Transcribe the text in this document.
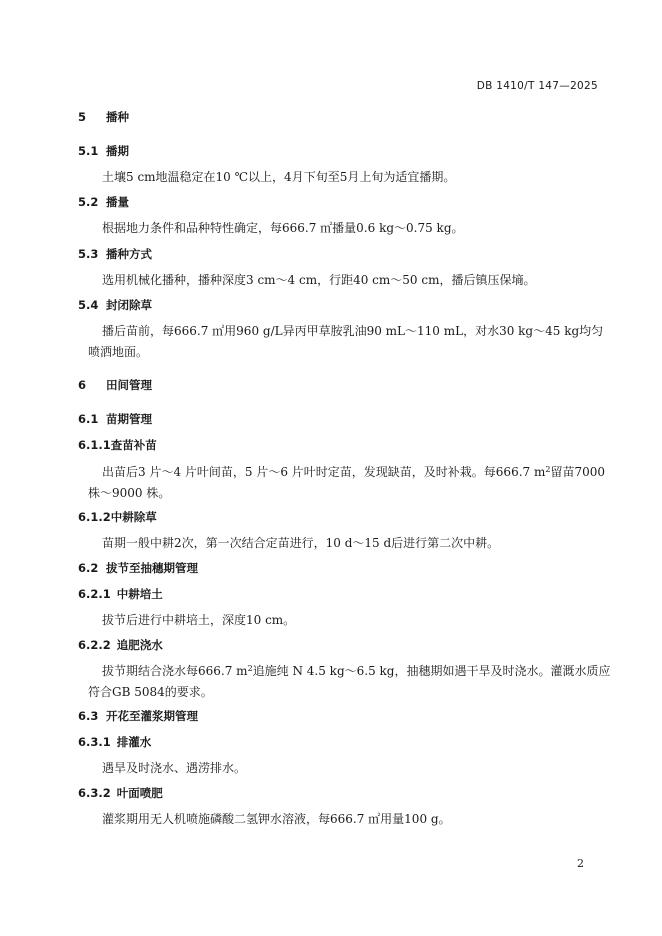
DB 1410/T 147—2025
5 播种
5.1 播期
土壤5 cm地温稳定在10 ℃以上，4月下旬至5月上旬为适宜播期。
5.2 播量
根据地力条件和品种特性确定，每666.7 ㎡播量0.6 kg～0.75 kg。
5.3 播种方式
选用机械化播种，播种深度3 cm～4 cm，行距40 cm～50 cm，播后镇压保墒。
5.4 封闭除草
播后苗前，每666.7 ㎡用960 g/L异丙甲草胺乳油90 mL～110 mL，对水30 kg～45 kg均匀
喷洒地面。
6 田间管理
6.1 苗期管理
6.1.1查苗补苗
出苗后3 片～4 片叶间苗，5 片～6 片叶时定苗，发现缺苗，及时补栽。每666.7 $m^2$留苗7000
株～9000 株。
6.1.2中耕除草
苗期一般中耕2次，第一次结合定苗进行，10 d～15 d后进行第二次中耕。
6.2 拔节至抽穗期管理
6.2.1 中耕培土
拔节后进行中耕培土，深度10 cm。
6.2.2 追肥浇水
拔节期结合浇水每666.7 $m^2$追施纯 N 4.5 kg～6.5 kg，抽穗期如遇干旱及时浇水。灌溉水质应
符合GB 5084的要求。
6.3 开花至灌浆期管理
6.3.1 排灌水
遇旱及时浇水、遇涝排水。
6.3.2 叶面喷肥
灌浆期用无人机喷施磷酸二氢钾水溶液，每666.7 ㎡用量100 g。
2
